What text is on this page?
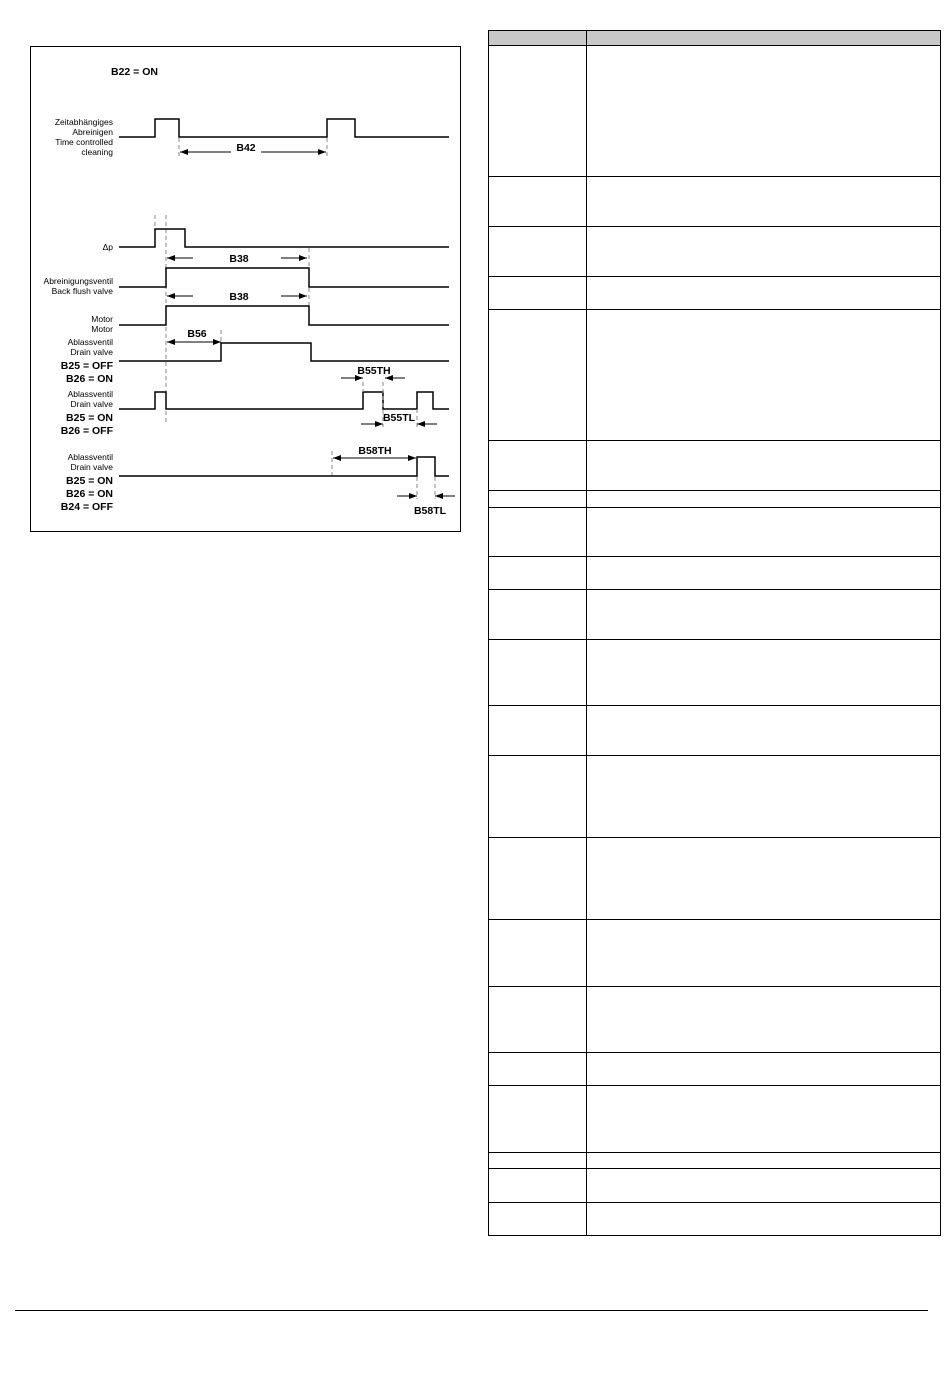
B22 = ON
Zeitabhängiges
Abreinigen
Time controlled
cleaning	B42
Δp
B38
Abreinigungsventil
Back flush valve	B38
Motor
Motor	B56
Ablassventil
Drain valve
B25 = OFF
B26 = ON
B55TH
Ablassventil
Drain valve
B25 = ON
B26 = OFF
B55TL
B58TH
Ablassventil
Drain valve
B25 = ON
B26 = ON
B24 = OFF	B58TL
